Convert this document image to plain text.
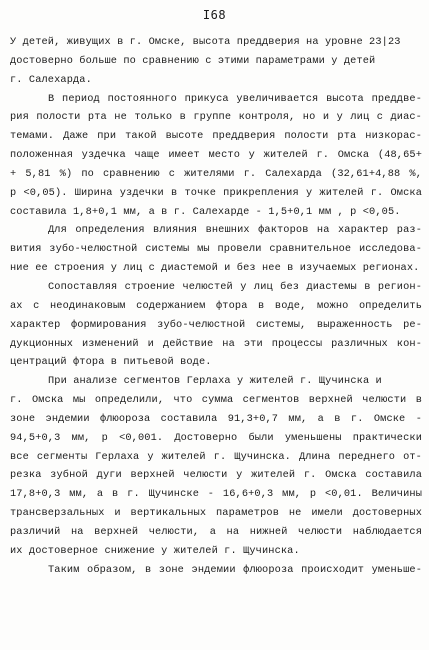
I68
У детей, живущих в г. Омске, высота преддверия на уровне 23|23
достоверно больше по сравнению с этими параметрами у детей
г. Салехарда.
В период постоянного прикуса увеличивается высота преддве-
рия полости рта не только в группе контроля, но и у лиц с диас-
темами. Даже при такой высоте преддверия полости рта низкорас-
положенная уздечка чаще имеет место у жителей г. Омска (48,65+
+ 5,81 %) по сравнению с жителями г. Салехарда (32,61+4,88 %,
р <0,05). Ширина уздечки в точке прикрепления у жителей г. Омска
составила 1,8+0,1 мм, а в г. Салехарде - 1,5+0,1 мм , р <0,05.
Для определения влияния внешних факторов на характер раз-
вития зубо-челюстной системы мы провели сравнительное исследова-
ние ее строения у лиц с диастемой и без нее в изучаемых регионах.
Сопоставляя строение челюстей у лиц без диастемы в регион-
ах с неодинаковым содержанием фтора в воде, можно определить
характер формирования зубо-челюстной системы, выраженность ре-
дукционных изменений и действие на эти процессы различных кон-
центраций фтора в питьевой воде.
При анализе сегментов Герлаха у жителей г. Щучинска и
г. Омска мы определили, что сумма сегментов верхней челюсти в
зоне эндемии флюороза составила 91,3+0,7 мм, а в г. Омске -
94,5+0,3 мм, р <0,001. Достоверно были уменьшены практически
все сегменты Герлаха у жителей г. Щучинска. Длина переднего от-
резка зубной дуги верхней челюсти у жителей г. Омска составила
17,8+0,3 мм, а в г. Щучинске - 16,6+0,3 мм, р <0,01. Величины
трансверзальных и вертикальных параметров не имели достоверных
различий на верхней челюсти, а на нижней челюсти наблюдается
их достоверное снижение у жителей г. Щучинска.
Таким образом, в зоне эндемии флюороза происходит уменьше-
